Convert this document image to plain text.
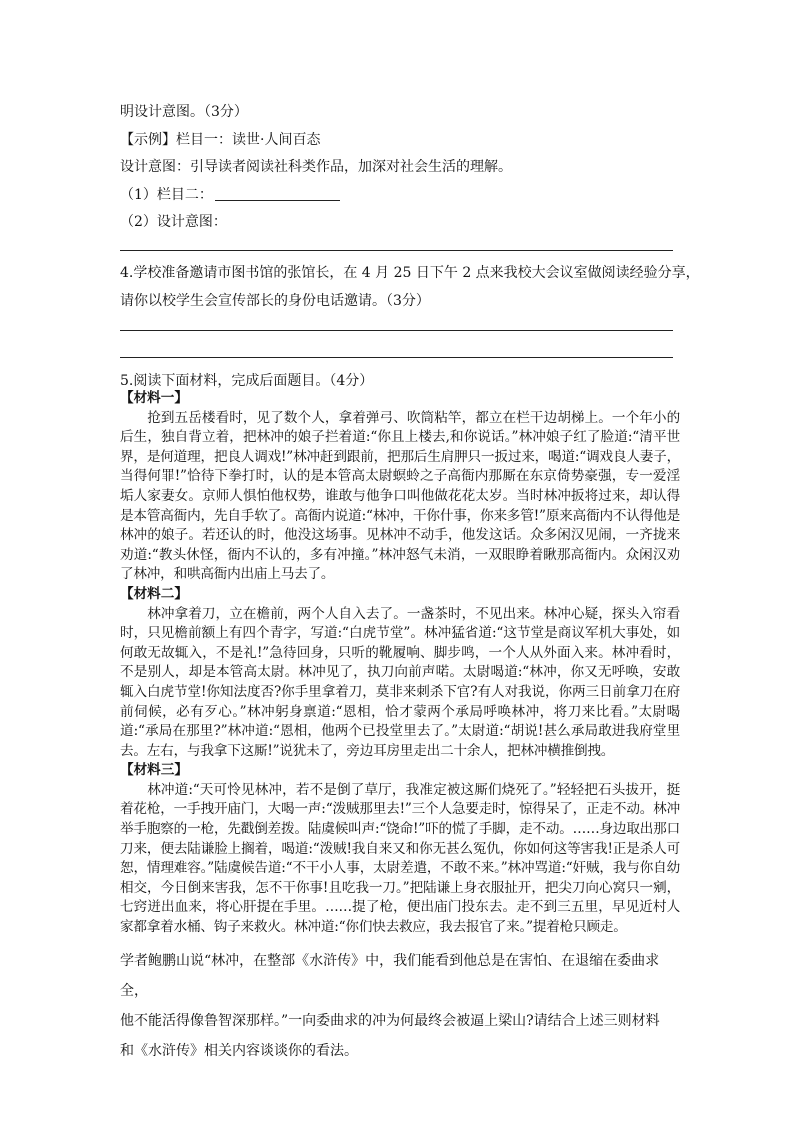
明设计意图。（3分）
【示例】栏目一：读世·人间百态
设计意图：引导读者阅读社科类作品，加深对社会生活的理解。
（1）栏目二：
（2）设计意图：
4.学校准备邀请市图书馆的张馆长，在 4 月 25 日下午 2 点来我校大会议室做阅读经验分享，
请你以校学生会宣传部长的身份电话邀请。（3分）
5.阅读下面材料，完成后面题目。（4分）
【材料一】

抢到五岳楼看时，见了数个人，拿着弹弓、吹筒粘竿，都立在栏干边胡梯上。一个年小的后生，独自背立着，把林冲的娘子拦着道:“你且上楼去,和你说话。”林冲娘子红了脸道:“清平世界，是何道理，把良人调戏!”林冲赶到跟前，把那后生肩胛只一扳过来，喝道:“调戏良人妻子，当得何罪!”恰待下拳打时，认的是本管高太尉螟蛉之子高衙内那厮在东京倚势豪强，专一爱淫垢人家妻女。京师人惧怕他权势，谁敢与他争口叫他做花花太岁。当时林冲扳将过来，却认得是本管高衙内，先自手软了。高衙内说道:“林冲，干你什事，你来多管!”原来高衙内不认得他是林冲的娘子。若还认的时，他没这场事。见林冲不动手，他发这话。众多闲汉见闹，一齐拢来劝道:“教头休怪，衙内不认的，多有冲撞。”林冲怒气未消，一双眼睁着瞅那高衙内。众闲汉劝了林冲，和哄高衙内出庙上马去了。

【材料二】

林冲拿着刀，立在檐前，两个人自入去了。一盏茶时，不见出来。林冲心疑，探头入帘看时，只见檐前额上有四个青字，写道:“白虎节堂”。林冲猛省道:“这节堂是商议军机大事处，如何敢无故辄入，不是礼!”急待回身，只听的靴履响、脚步鸣，一个人从外面入来。林冲看时，不是别人，却是本管高太尉。林冲见了，执刀向前声喏。太尉喝道:“林冲，你又无呼唤，安敢辄入白虎节堂!你知法度否?你手里拿着刀，莫非来刺杀下官?有人对我说，你两三日前拿刀在府前伺候，必有歹心。”林冲躬身禀道:“恩相，恰才蒙两个承局呼唤林冲，将刀来比看。”太尉喝道:“承局在那里?”林冲道:“恩相，他两个已投堂里去了。”太尉道:“胡说!甚么承局敢进我府堂里去。左右，与我拿下这厮!”说犹未了，旁边耳房里走出二十余人，把林冲横推倒拽。

【材料三】

林冲道:“天可怜见林冲，若不是倒了草厅，我准定被这厮们烧死了。”轻轻把石头拔开，挺着花枪，一手拽开庙门，大喝一声:“泼贼那里去!”三个人急要走时，惊得呆了，正走不动。林冲举手胞察的一枪，先戳倒差拨。陆虞候叫声:“饶命!”吓的慌了手脚，走不动。……身边取出那口刀来，便去陆谦脸上搁着，喝道:“泼贼!我自来又和你无甚么冤仇，你如何这等害我!正是杀人可恕，情理难容。”陆虞候告道:“不干小人事，太尉差遣，不敢不来。”林冲骂道:“奸贼，我与你自幼相交，今日倒来害我，怎不干你事!且吃我一刀。”把陆谦上身衣服扯开，把尖刀向心窝只一剜，七窍迸出血来，将心肝提在手里。……提了枪，便出庙门投东去。走不到三五里，早见近村人家都拿着水桶、钩子来救火。林冲道:“你们快去救应，我去报官了来。”提着枪只顾走。

学者鲍鹏山说“林冲，在整部《水浒传》中，我们能看到他总是在害怕、在退缩在委曲求全，
他不能活得像鲁智深那样。”一向委曲求的冲为何最终会被逼上梁山?请结合上述三则材料
和《水浒传》相关内容谈谈你的看法。
